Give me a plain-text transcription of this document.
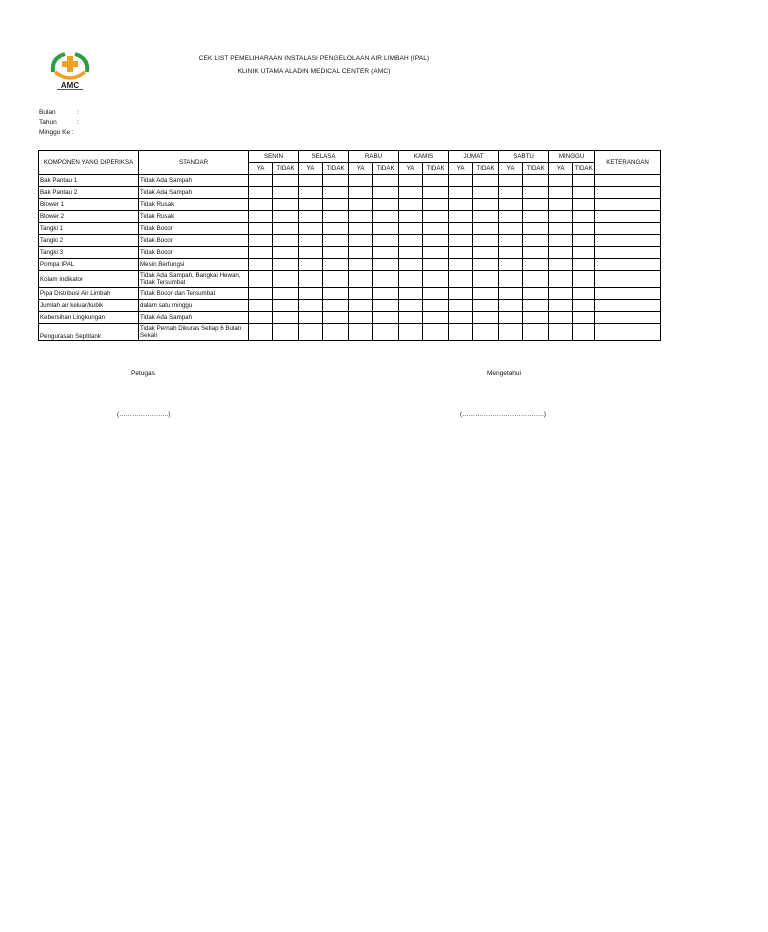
AMC
CEK LIST PEMELIHARAAN INSTALASI PENGELOLAAN AIR LIMBAH (IPAL)
KLINIK UTAMA ALADIN MEDICAL CENTER (AMC)
Bulan	:
Tahun	:
Minggu Ke :
KOMPONEN YANG DIPERIKSA	STANDAR	SENIN		SELASA		RABU		KAMIS		JUMAT		SABTU		MINGGU		KETERANGAN
		YA	TIDAK	YA	TIDAK	YA	TIDAK	YA	TIDAK	YA	TIDAK	YA	TIDAK	YA	TIDAK	
Bak Pantau 1	Tidak Ada Sampah															
Bak Pantau 2	Tidak Ada Sampah															
Blower 1	Tidak Rusak															
Blower 2	Tidak Rusak															
Tangki 1	Tidak Bocor															
Tangki 2	Tidak Bocor															
Tangki 3	Tidak Bocor															
Pompa IPAL	Mesin Berfungsi															
Kolam Indikator	Tidak Ada Sampah, Bangkai Hewan, Tidak Tersumbat															
Pipa Distribusi Air Limbah	Tidak Bocor dan Tersumbat															
Jumlah air keluar/kubik	dalam satu minggu															
Kebersihan Lingkungan	Tidak Ada Sampah															
Pengurasan Septitank	Tidak Pernah Dikuras Setiap 6 Bulan Sekali															
Petugas
(…………………..)
Mengetahui
(………………………………..)
